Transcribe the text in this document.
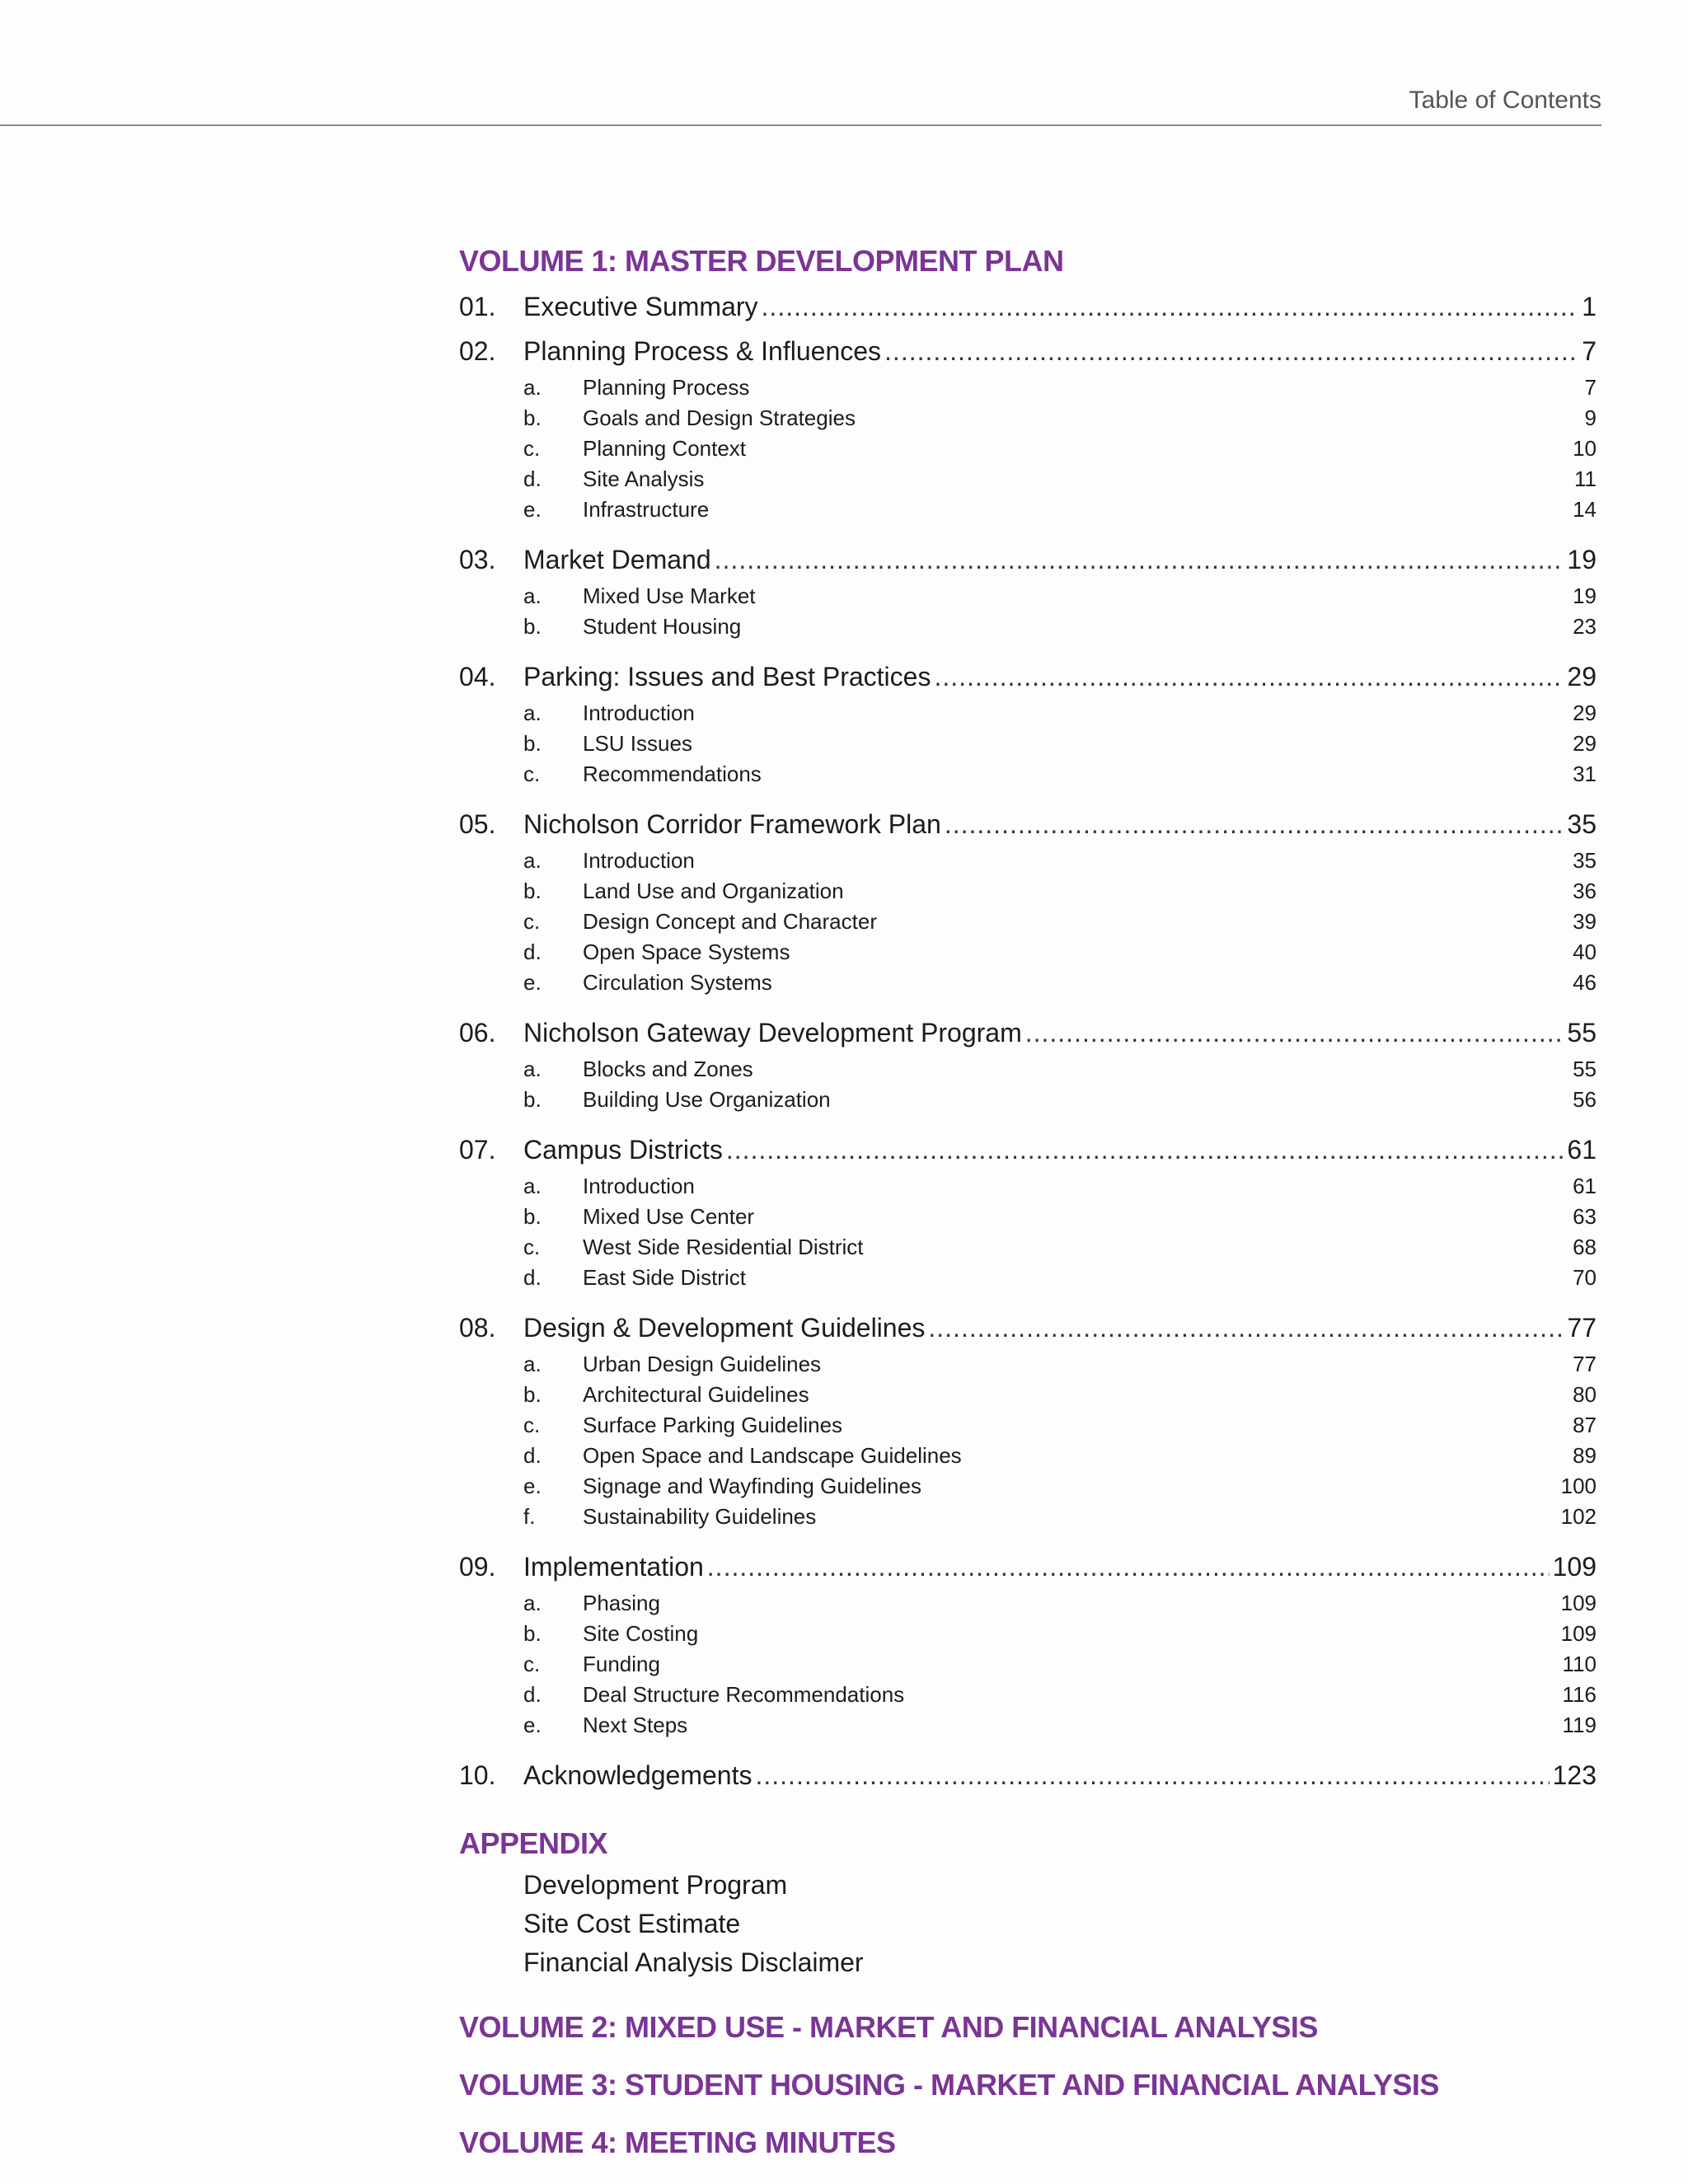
Table of Contents
VOLUME 1: MASTER DEVELOPMENT PLAN
01.	Executive Summary .....	1
02.	Planning Process & Influences .....	7
a.	Planning Process	7
b.	Goals and Design Strategies	9
c.	Planning Context	10
d.	Site Analysis	11
e.	Infrastructure	14
03.	Market Demand .....	19
a.	Mixed Use Market	19
b.	Student Housing	23
04.	Parking: Issues and Best Practices .....	29
a.	Introduction	29
b.	LSU Issues	29
c.	Recommendations	31
05.	Nicholson Corridor Framework Plan .....	35
a.	Introduction	35
b.	Land Use and Organization	36
c.	Design Concept and Character	39
d.	Open Space Systems	40
e.	Circulation Systems	46
06.	Nicholson Gateway Development Program .....	55
a.	Blocks and Zones	55
b.	Building Use Organization	56
07.	Campus Districts .....	61
a.	Introduction	61
b.	Mixed Use Center	63
c.	West Side Residential District	68
d.	East Side District	70
08.	Design & Development Guidelines .....	77
a.	Urban Design Guidelines	77
b.	Architectural Guidelines	80
c.	Surface Parking Guidelines	87
d.	Open Space and Landscape Guidelines	89
e.	Signage and Wayfinding Guidelines	100
f.	Sustainability Guidelines	102
09.	Implementation .....	109
a.	Phasing	109
b.	Site Costing	109
c.	Funding	110
d.	Deal Structure Recommendations	116
e.	Next Steps	119
10.	Acknowledgements .....	123
APPENDIX
Development Program
Site Cost Estimate
Financial Analysis Disclaimer
VOLUME 2: MIXED USE - MARKET AND FINANCIAL ANALYSIS
VOLUME 3: STUDENT HOUSING - MARKET AND FINANCIAL ANALYSIS
VOLUME 4: MEETING MINUTES
